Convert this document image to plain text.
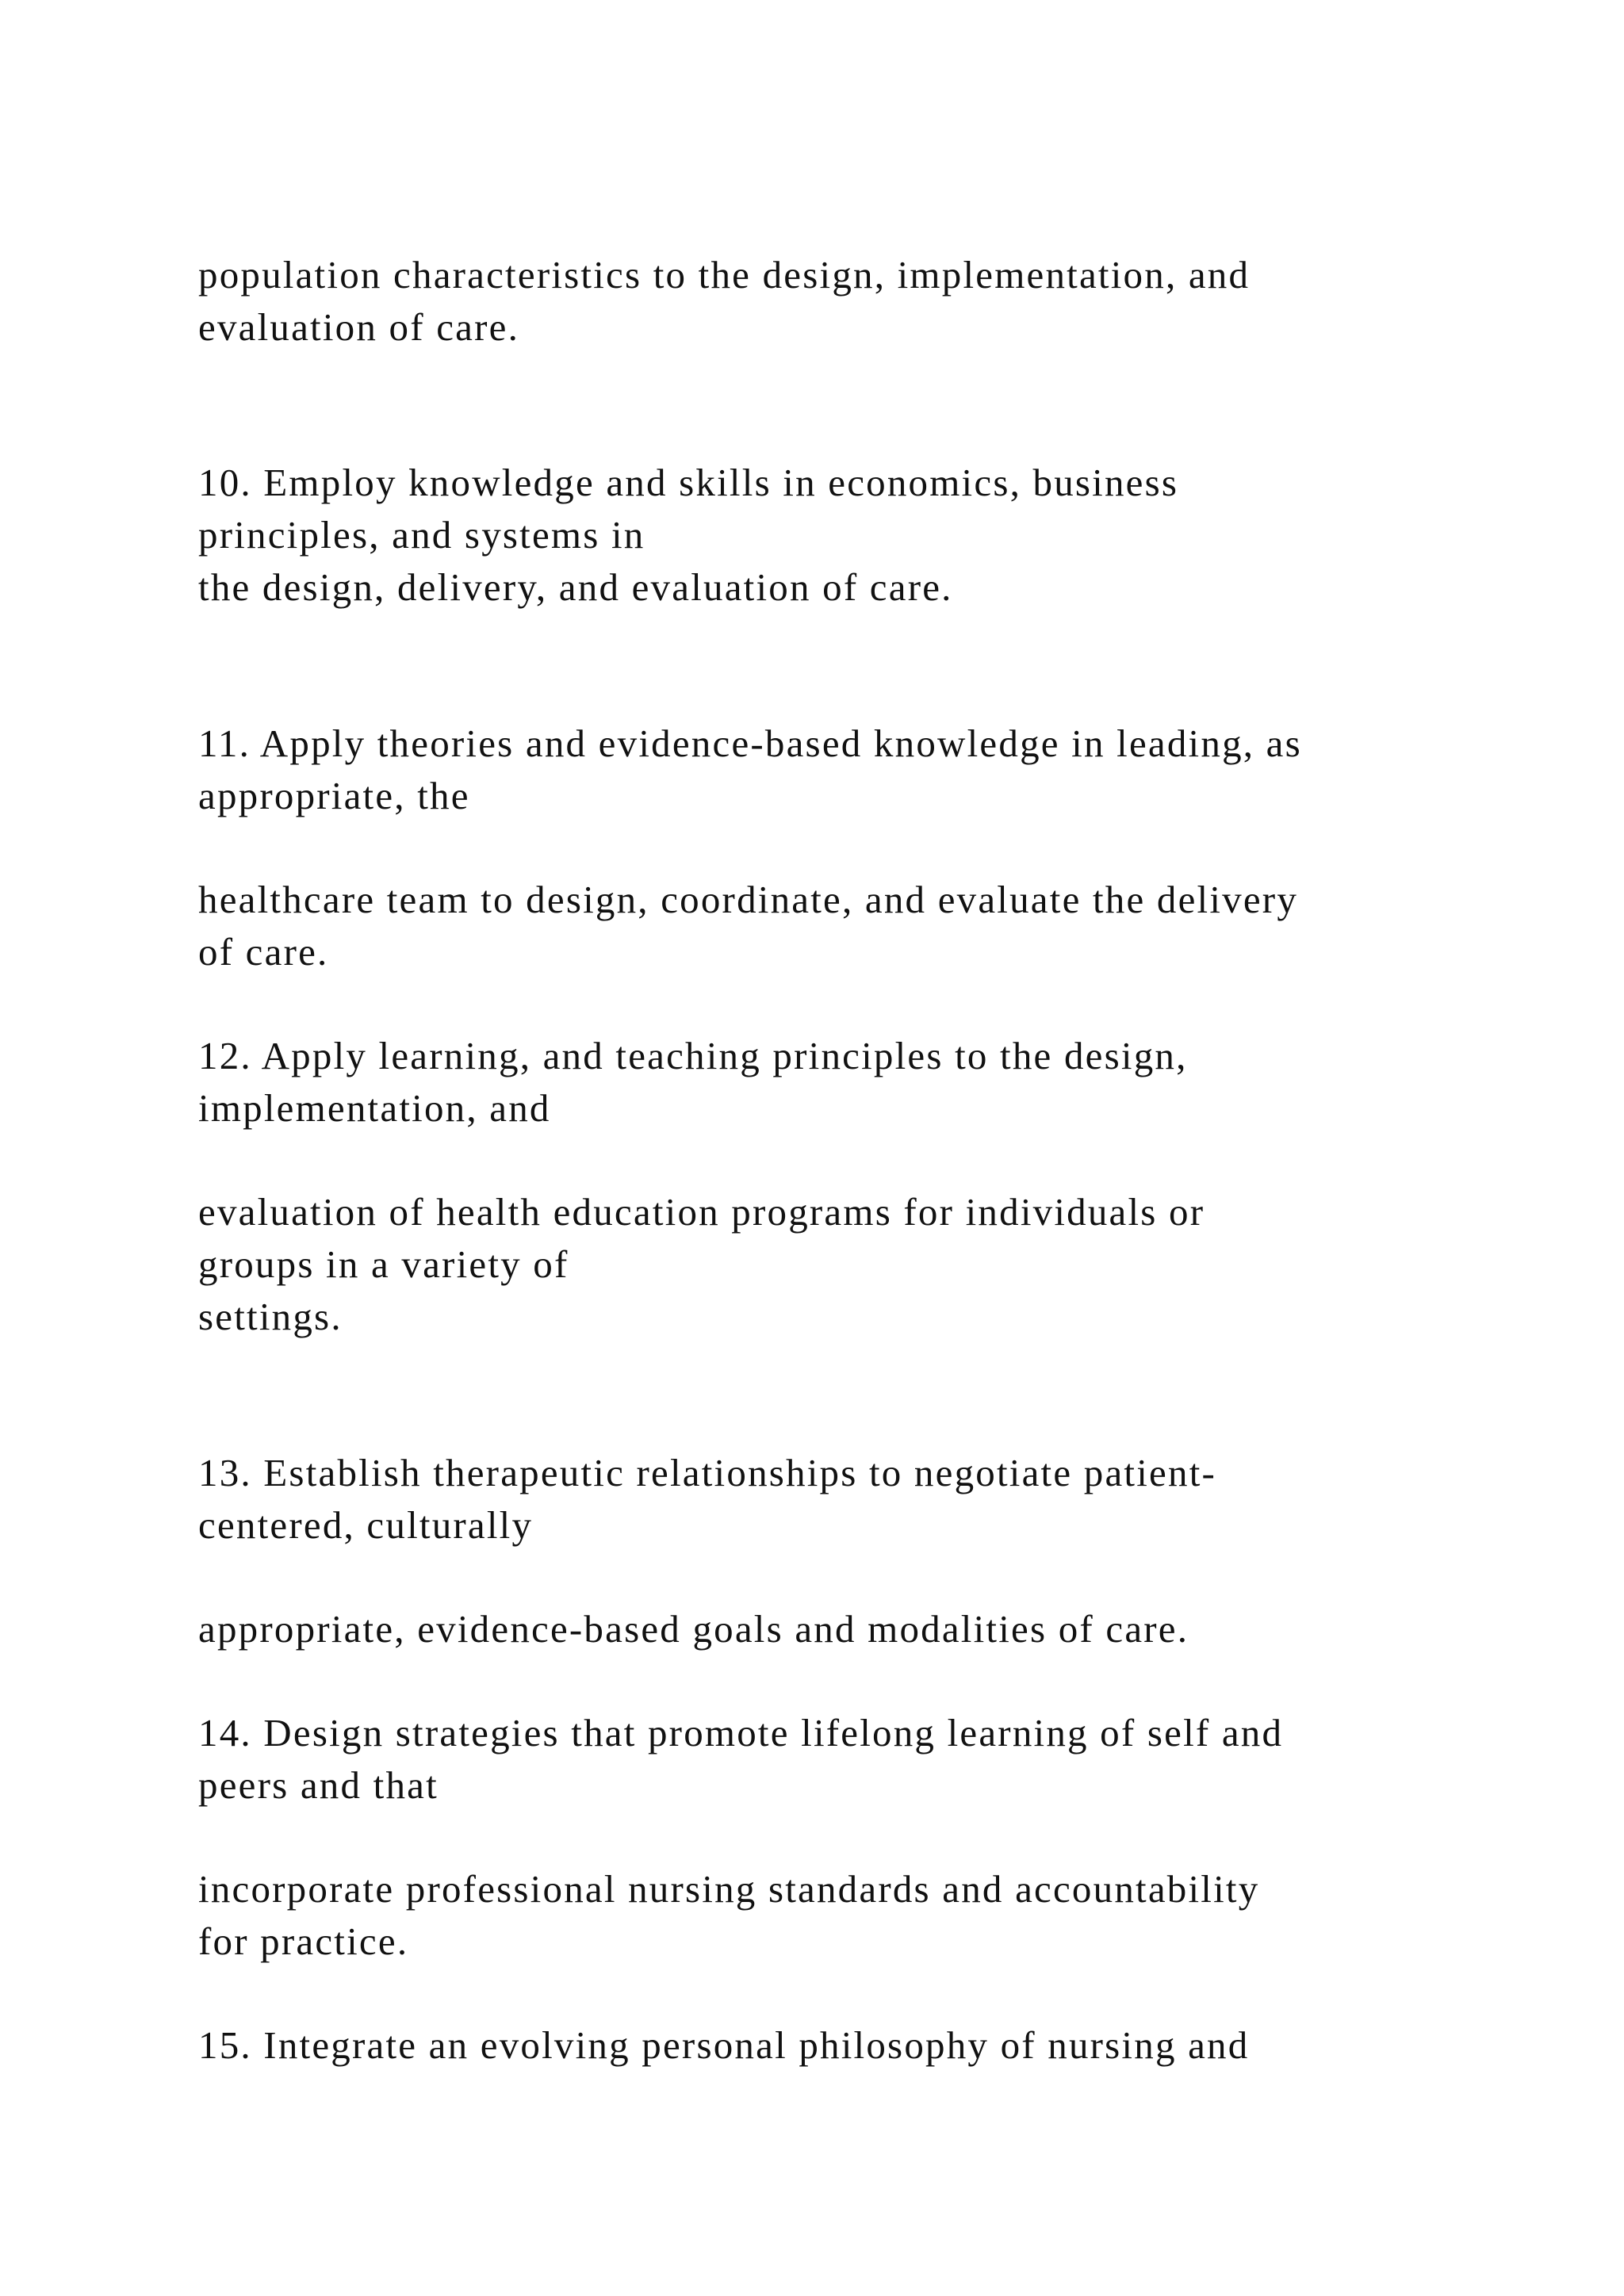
population characteristics to the design, implementation, and

evaluation of care.

10. Employ knowledge and skills in economics, business

principles, and systems in

the design, delivery, and evaluation of care.

11. Apply theories and evidence-based knowledge in leading, as

appropriate, the

healthcare team to design, coordinate, and evaluate the delivery

of care.

12. Apply learning, and teaching principles to the design,

implementation, and

evaluation of health education programs for individuals or

groups in a variety of

settings.

13. Establish therapeutic relationships to negotiate patient-

centered, culturally

appropriate, evidence-based goals and modalities of care.

14. Design strategies that promote lifelong learning of self and

peers and that

incorporate professional nursing standards and accountability

for practice.

15. Integrate an evolving personal philosophy of nursing and
